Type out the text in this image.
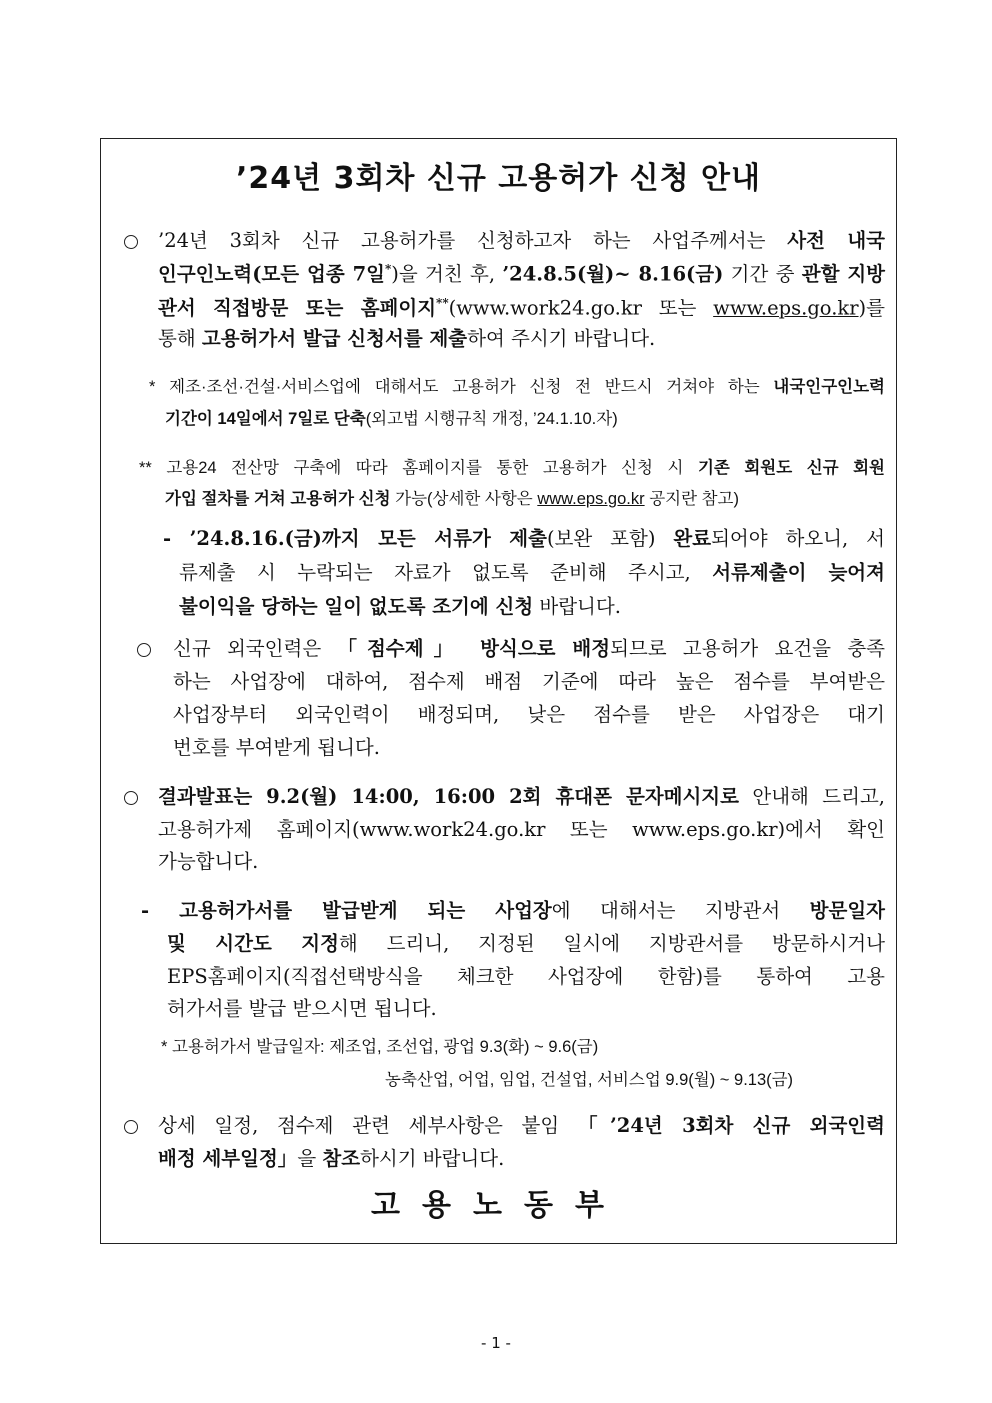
’24년 3회차 신규 고용허가 신청 안내
’24년 3회차 신규 고용허가를 신청하고자 하는 사업주께서는 사전 내국
인구인노력(모든 업종 7일*)을 거친 후, ’24.8.5(월)~ 8.16(금) 기간 중 관할 지방
관서 직접방문 또는 홈페이지**(www.work24.go.kr 또는 www.eps.go.kr)를
통해 고용허가서 발급 신청서를 제출하여 주시기 바랍니다.
* 제조·조선·건설·서비스업에 대해서도 고용허가 신청 전 반드시 거쳐야 하는 내국인구인노력
기간이 14일에서 7일로 단축(외고법 시행규칙 개정, ’24.1.10.자)
** 고용24 전산망 구축에 따라 홈페이지를 통한 고용허가 신청 시 기존 회원도 신규 회원
가입 절차를 거쳐 고용허가 신청 가능(상세한 사항은 www.eps.go.kr 공지란 참고)
- ’24.8.16.(금)까지 모든 서류가 제출(보완 포함) 완료되어야 하오니, 서
류제출 시 누락되는 자료가 없도록 준비해 주시고, 서류제출이 늦어져
불이익을 당하는 일이 없도록 조기에 신청 바랍니다.
신규 외국인력은 「점수제」 방식으로 배정되므로 고용허가 요건을 충족
하는 사업장에 대하여, 점수제 배점 기준에 따라 높은 점수를 부여받은
사업장부터 외국인력이 배정되며, 낮은 점수를 받은 사업장은 대기
번호를 부여받게 됩니다.
결과발표는 9.2(월) 14:00, 16:00 2회 휴대폰 문자메시지로 안내해 드리고,
고용허가제 홈페이지(www.work24.go.kr 또는 www.eps.go.kr)에서 확인
가능합니다.
- 고용허가서를 발급받게 되는 사업장에 대해서는 지방관서 방문일자
및 시간도 지정해 드리니, 지정된 일시에 지방관서를 방문하시거나
EPS홈페이지(직접선택방식을 체크한 사업장에 한함)를 통하여 고용
허가서를 발급 받으시면 됩니다.
* 고용허가서 발급일자: 제조업, 조선업, 광업 9.3(화) ~ 9.6(금)
농축산업, 어업, 임업, 건설업, 서비스업 9.9(월) ~ 9.13(금)
상세 일정, 점수제 관련 세부사항은 붙임 「’24년 3회차 신규 외국인력
배정 세부일정」을 참조하시기 바랍니다.
고용노동부
- 1 -
